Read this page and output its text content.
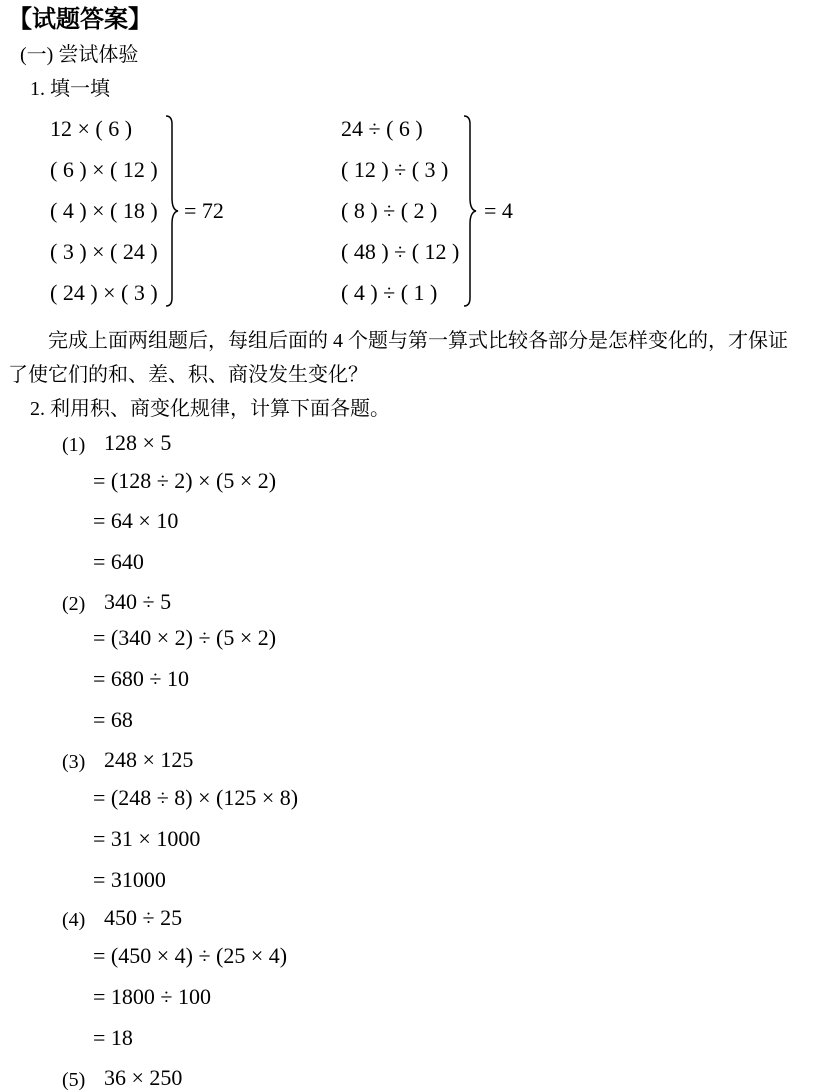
【试题答案】
(一) 尝试体验
1. 填一填
12 × ( 6 )
( 6 ) × ( 12 )
( 4 ) × ( 18 )
( 3 ) × ( 24 )
( 24 ) × ( 3 )
= 72
24 ÷ ( 6 )
( 12 ) ÷ ( 3 )
( 8 ) ÷ ( 2 )
( 48 ) ÷ ( 12 )
( 4 ) ÷ ( 1 )
= 4
完成上面两组题后，每组后面的 4 个题与第一算式比较各部分是怎样变化的，才保证
了使它们的和、差、积、商没发生变化？
2. 利用积、商变化规律，计算下面各题。
(1) 128 × 5
= (128 ÷ 2) × (5 × 2)
= 64 × 10
= 640
(2) 340 ÷ 5
= (340 × 2) ÷ (5 × 2)
= 680 ÷ 10
= 68
(3) 248 × 125
= (248 ÷ 8) × (125 × 8)
= 31 × 1000
= 31000
(4) 450 ÷ 25
= (450 × 4) ÷ (25 × 4)
= 1800 ÷ 100
= 18
(5) 36 × 250
